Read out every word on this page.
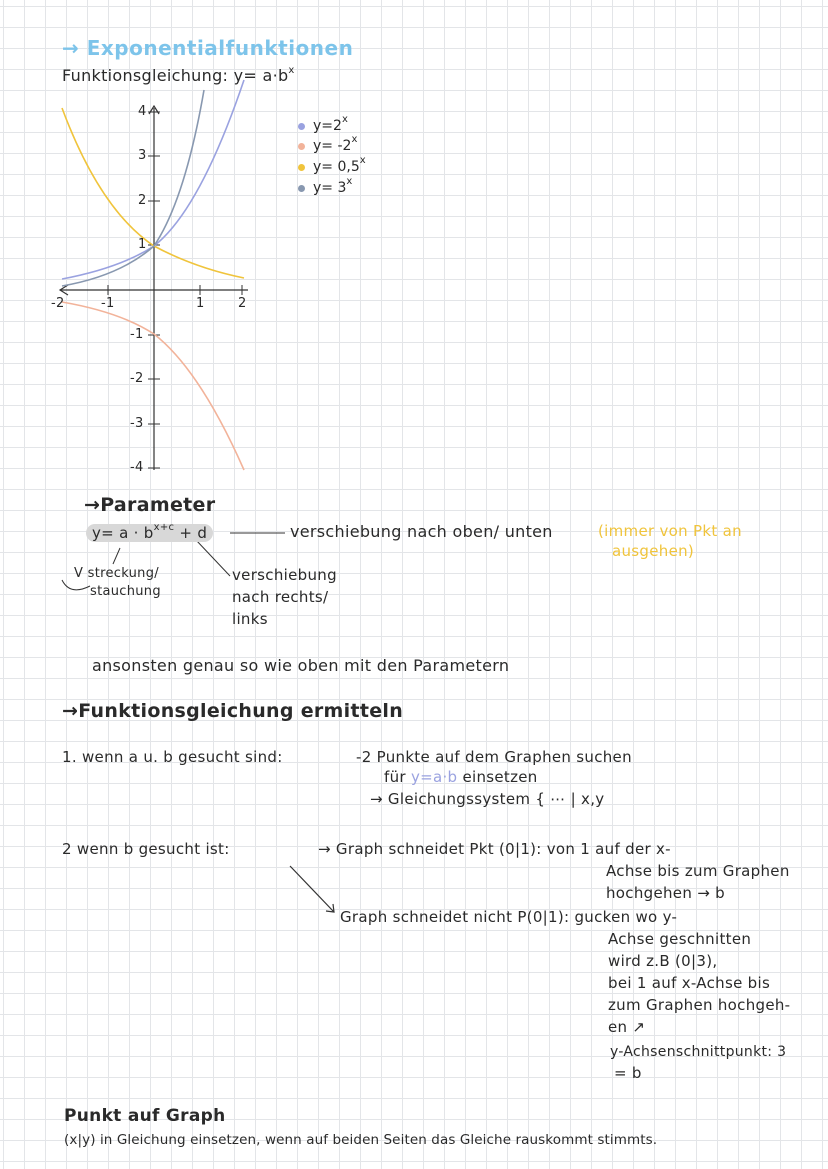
→ Exponentialfunktionen
Funktionsgleichung: $y= a\cdot b^x$
-2	-1	1	2
4
3
2
1
-1
-2
-3
-4
$y=2^x$
$y= -2^x$
$y= 0,5^x$
$y= 3^x$
→Parameter
$y= a \cdot b^{x+c} + d$	verschiebung nach oben/ unten	(immer von Pkt an
ausgehen)
V streckung/
stauchung
verschiebung
nach rechts/
links
ansonsten genau so wie oben mit den Parametern
→Funktionsgleichung ermitteln
1. wenn a u. b gesucht sind:	-2 Punkte auf dem Graphen suchen
für y=a·b einsetzen
→ Gleichungssystem { ⋯ | x,y
2 wenn b gesucht ist:	→ Graph schneidet Pkt (0|1): von 1 auf der x-
Achse bis zum Graphen
hochgehen → b
Graph schneidet nicht P(0|1): gucken wo y-
Achse geschnitten
wird z.B (0|3),
bei 1 auf x-Achse bis
zum Graphen hochgeh-
en ↗
y-Achsenschnittpunkt: 3
= b
Punkt auf Graph
(x|y) in Gleichung einsetzen, wenn auf beiden Seiten das Gleiche rauskommt stimmts.
